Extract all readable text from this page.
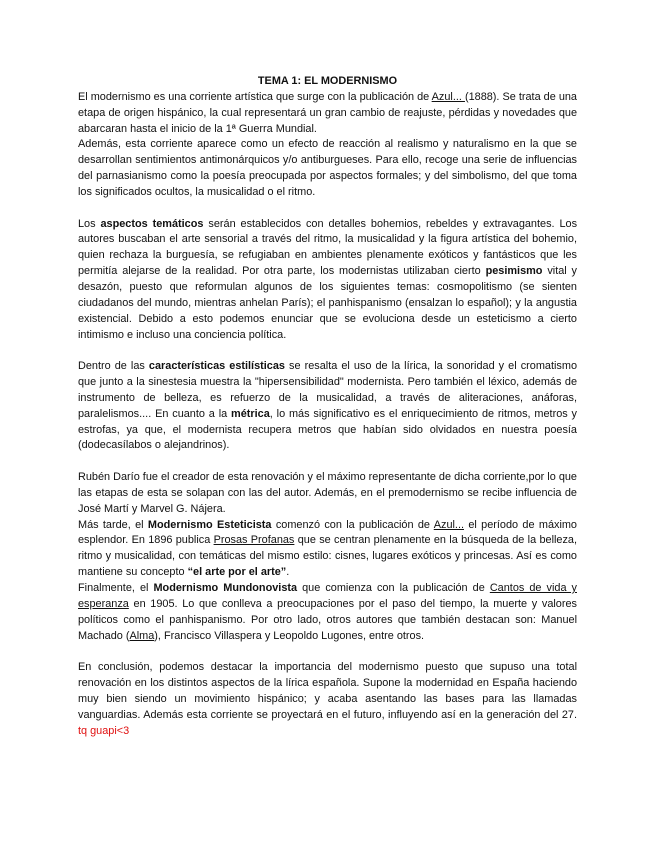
TEMA 1: EL MODERNISMO

El modernismo es una corriente artística que surge con la publicación de Azul... (1888). Se trata de una etapa de origen hispánico, la cual representará un gran cambio de reajuste, pérdidas y novedades que abarcaran hasta el inicio de la 1ª Guerra Mundial.

Además, esta corriente aparece como un efecto de reacción al realismo y naturalismo en la que se desarrollan sentimientos antimonárquicos y/o antiburgueses. Para ello, recoge una serie de influencias del parnasianismo como la poesía preocupada por aspectos formales; y del simbolismo, del que toma los significados ocultos, la musicalidad o el ritmo.

Los aspectos temáticos serán establecidos con detalles bohemios, rebeldes y extravagantes. Los autores buscaban el arte sensorial a través del ritmo, la musicalidad y la figura artística del bohemio, quien rechaza la burguesía, se refugiaban en ambientes plenamente exóticos y fantásticos que les permitía alejarse de la realidad. Por otra parte, los modernistas utilizaban cierto pesimismo vital y desazón, puesto que reformulan algunos de los siguientes temas: cosmopolitismo (se sienten ciudadanos del mundo, mientras anhelan París); el panhispanismo (ensalzan lo español); y la angustia existencial. Debido a esto podemos enunciar que se evoluciona desde un esteticismo a cierto intimismo e incluso una conciencia política.

Dentro de las características estilísticas se resalta el uso de la lírica, la sonoridad y el cromatismo que junto a la sinestesia muestra la "hipersensibilidad" modernista. Pero también el léxico, además de instrumento de belleza, es refuerzo de la musicalidad, a través de aliteraciones, anáforas, paralelismos.... En cuanto a la métrica, lo más significativo es el enriquecimiento de ritmos, metros y estrofas, ya que, el modernista recupera metros que habían sido olvidados en nuestra poesía (dodecasílabos o alejandrinos).

Rubén Darío fue el creador de esta renovación y el máximo representante de dicha corriente,por lo que las etapas de esta se solapan con las del autor. Además, en el premodernismo se recibe influencia de José Martí y Marvel G. Nájera.

Más tarde, el Modernismo Esteticista comenzó con la publicación de Azul... el período de máximo esplendor. En 1896 publica Prosas Profanas que se centran plenamente en la búsqueda de la belleza, ritmo y musicalidad, con temáticas del mismo estilo: cisnes, lugares exóticos y princesas. Así es como mantiene su concepto “el arte por el arte”.

Finalmente, el Modernismo Mundonovista que comienza con la publicación de Cantos de vida y esperanza en 1905. Lo que conlleva a preocupaciones por el paso del tiempo, la muerte y valores políticos como el panhispanismo. Por otro lado, otros autores que también destacan son: Manuel Machado (Alma), Francisco Villaspera y Leopoldo Lugones, entre otros.

En conclusión, podemos destacar la importancia del modernismo puesto que supuso una total renovación en los distintos aspectos de la lírica española. Supone la modernidad en España haciendo muy bien siendo un movimiento hispánico; y acaba asentando las bases para las llamadas vanguardias. Además esta corriente se proyectará en el futuro, influyendo así en la generación del 27. tq guapi<3
